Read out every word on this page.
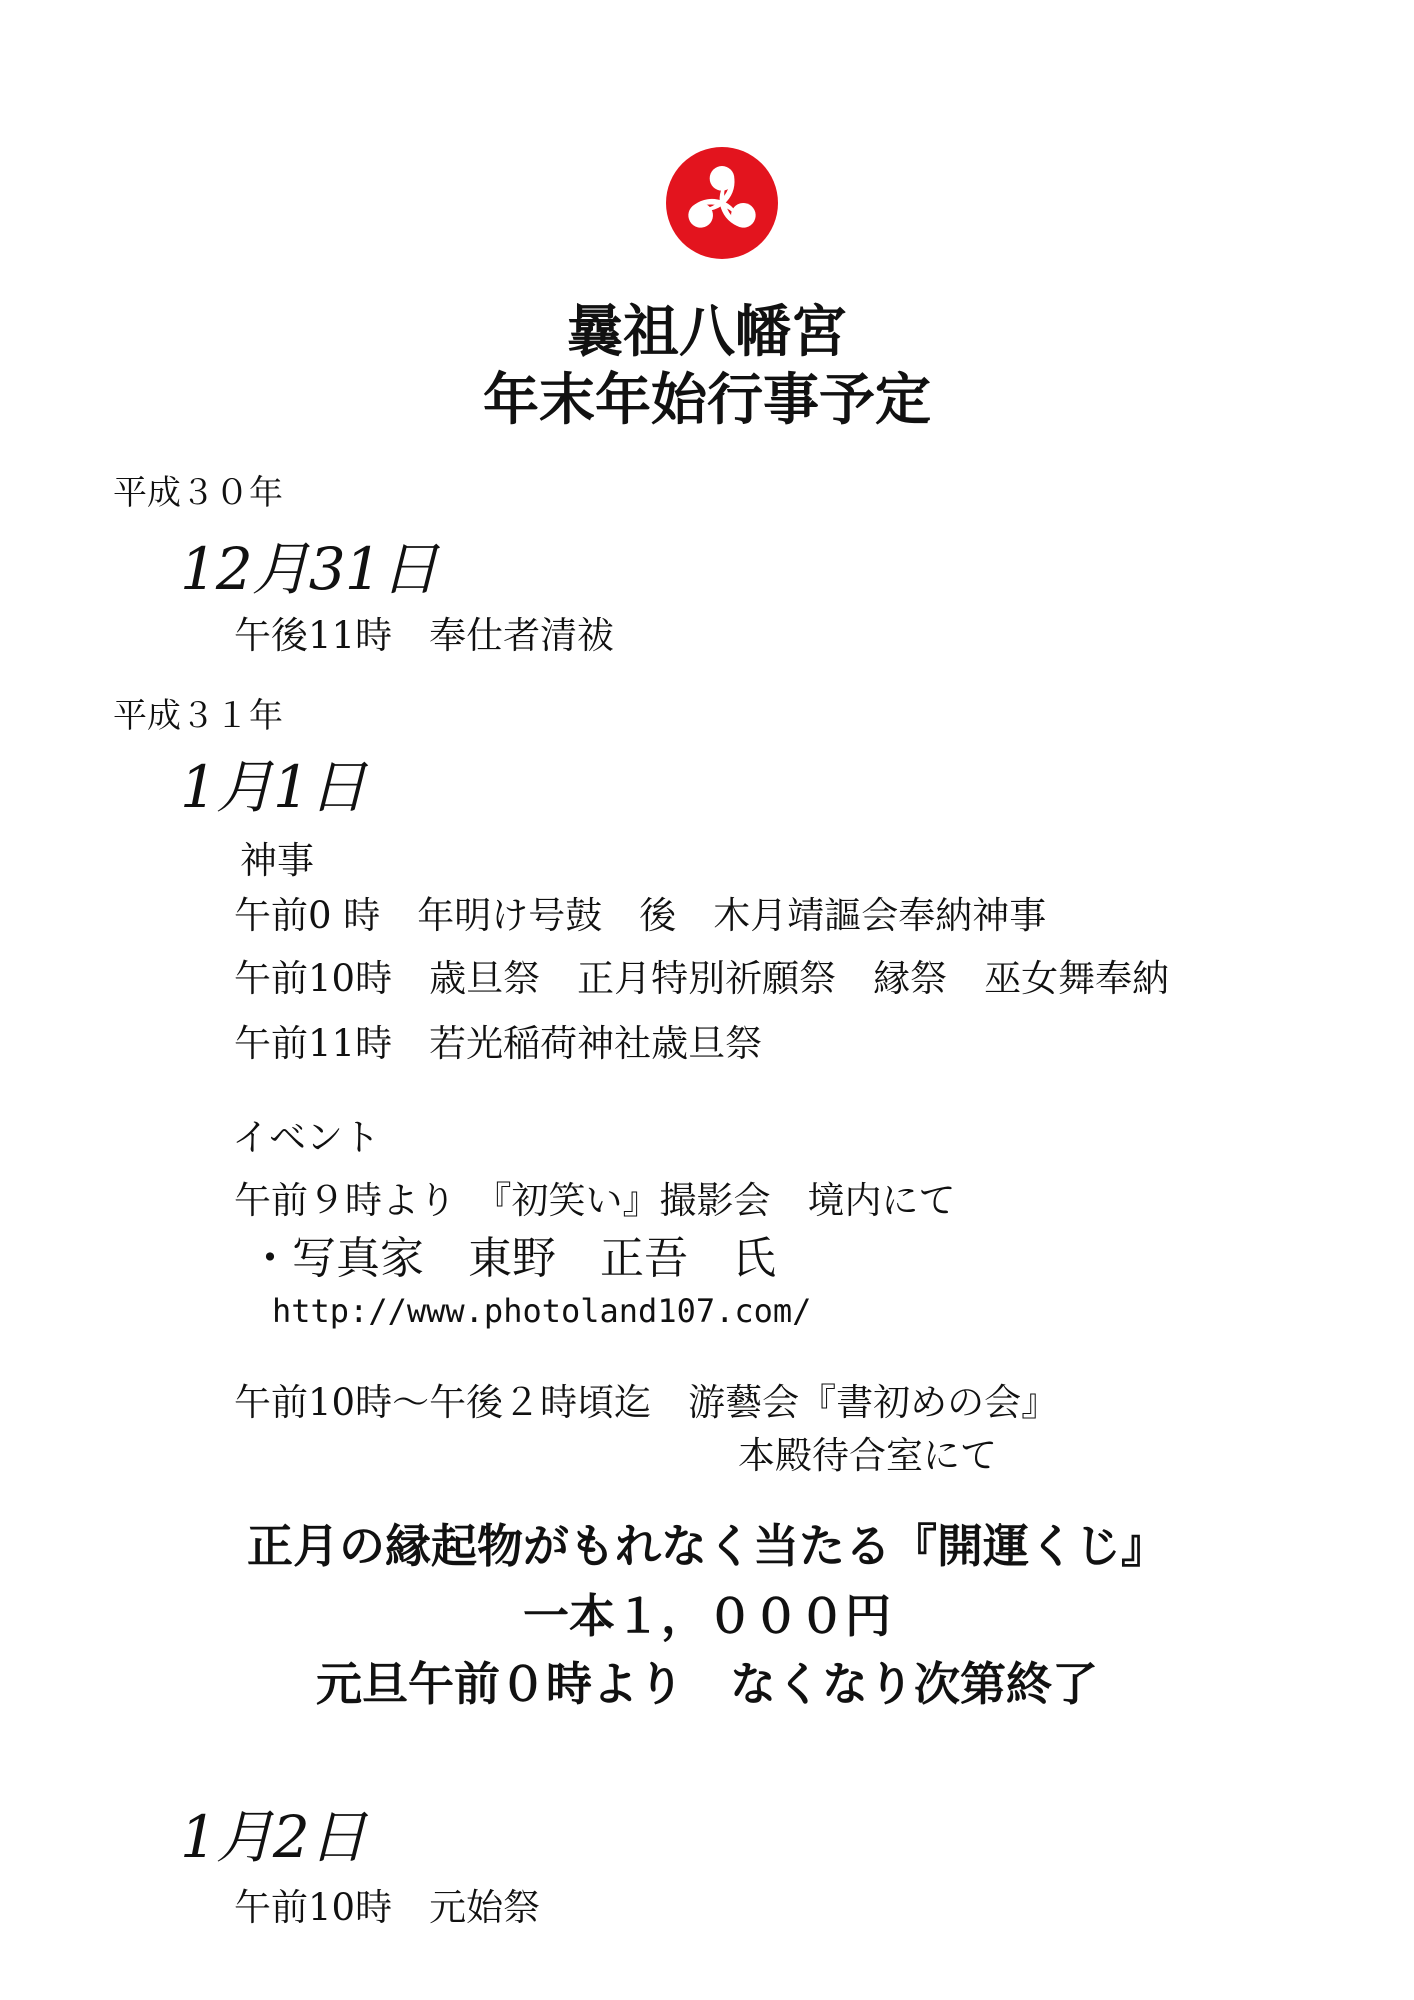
曩祖八幡宮
年末年始行事予定
平成３０年
12月31日
午後11時　奉仕者清祓
平成３１年
1月1日
神事
午前0 時　年明け号鼓　後　木月靖謳会奉納神事
午前10時　歳旦祭　正月特別祈願祭　縁祭　巫女舞奉納
午前11時　若光稲荷神社歳旦祭
イベント
午前９時より　『初笑い』撮影会　境内にて
・写真家　東野　正吾　氏
http://www.photoland107.com/
午前10時～午後２時頃迄　游藝会『書初めの会』
本殿待合室にて
正月の縁起物がもれなく当たる『開運くじ』
一本１，０００円
元旦午前０時より　なくなり次第終了
1月2日
午前10時　元始祭
